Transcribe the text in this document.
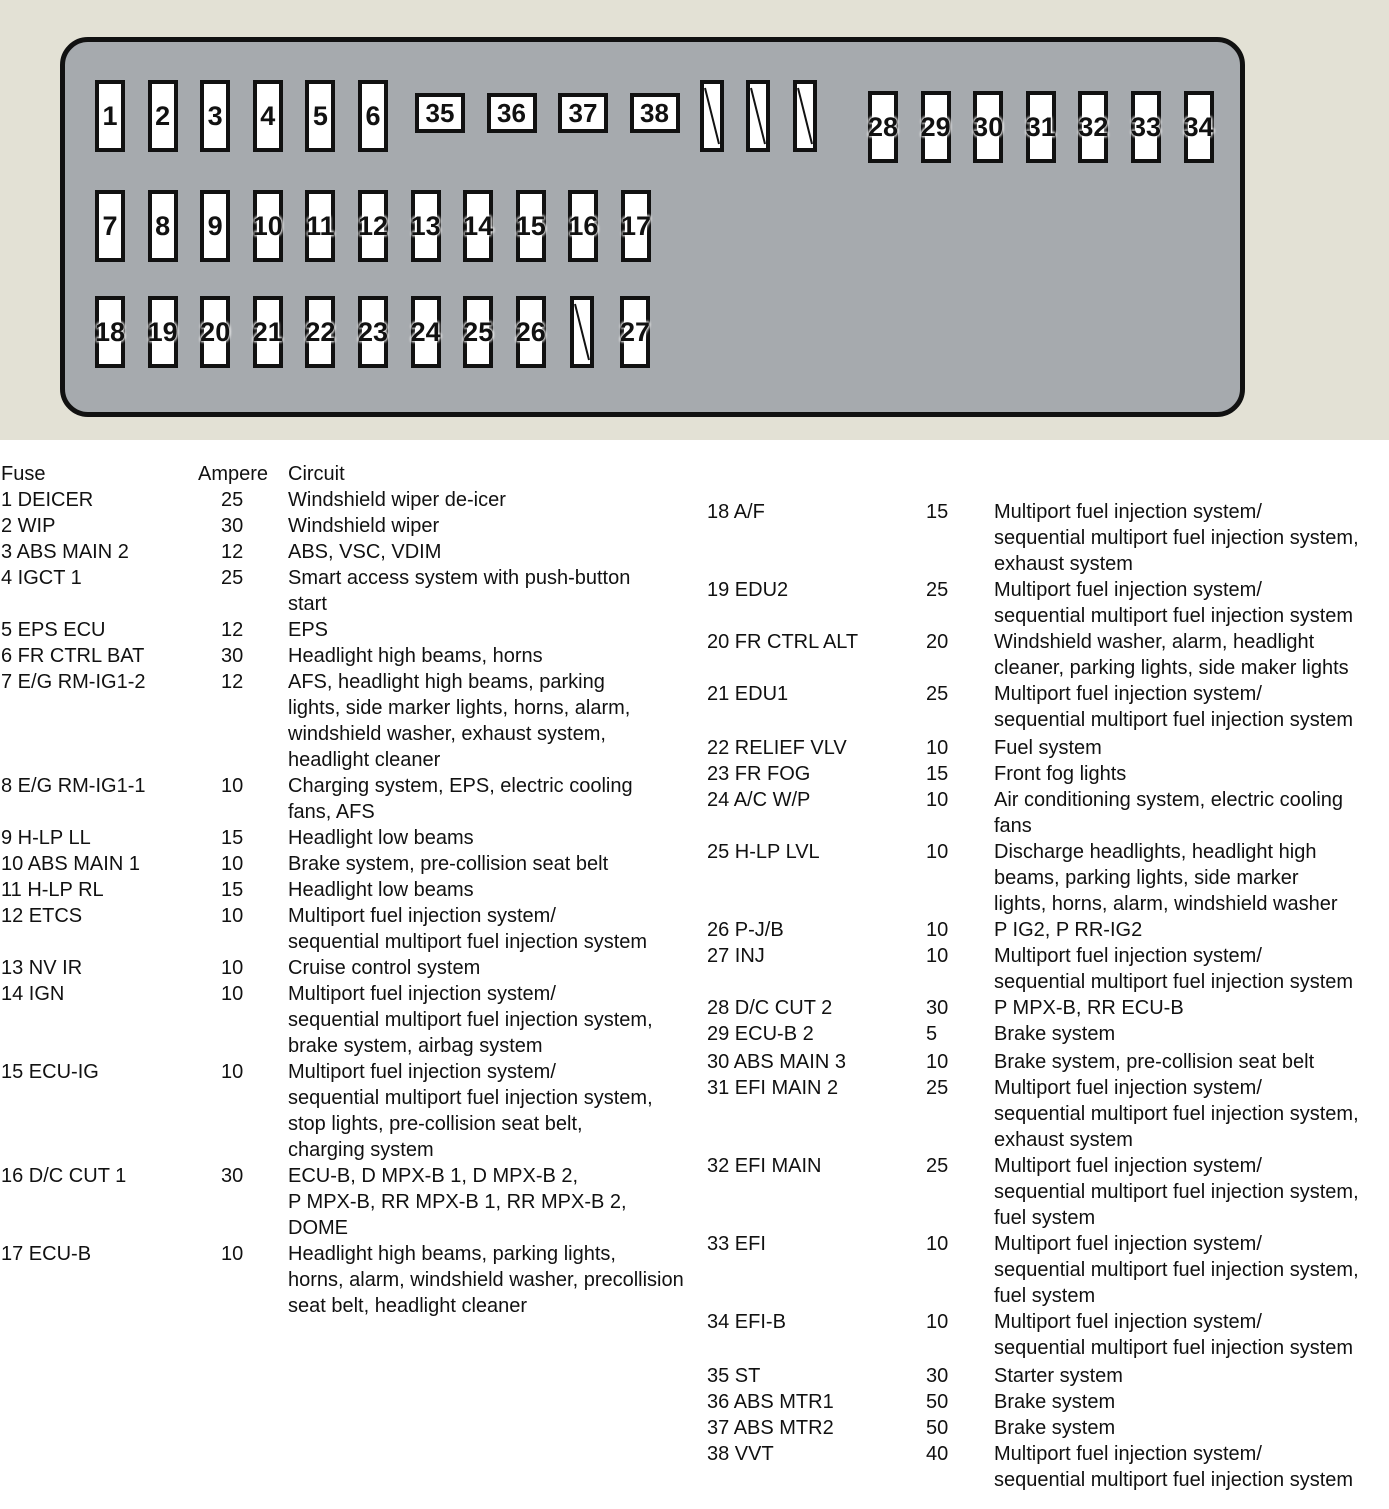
1 2 3 4 5 6 35 36 37 38	28 29 30 31 32 33 34
7 8 9 10 11 12 13 14 15 16 17
18 19 20 21 22 23 24 25 26	27
Fuse	Ampere Circuit
1 DEICER	25 Windshield wiper de-icer
2 WIP	30 Windshield wiper
3 ABS MAIN 2	12 ABS, VSC, VDIM
4 IGCT 1	25 Smart access system with push-button
start
5 EPS ECU	12 EPS
6 FR CTRL BAT	30 Headlight high beams, horns
7 E/G RM-IG1-2	12 AFS, headlight high beams, parking
lights, side marker lights, horns, alarm,
windshield washer, exhaust system,
headlight cleaner
8 E/G RM-IG1-1	10 Charging system, EPS, electric cooling
fans, AFS
9 H-LP LL	15 Headlight low beams
10 ABS MAIN 1	10 Brake system, pre-collision seat belt
11 H-LP RL	15 Headlight low beams
12 ETCS	10 Multiport fuel injection system/
sequential multiport fuel injection system
13 NV IR	10 Cruise control system
14 IGN	10 Multiport fuel injection system/
sequential multiport fuel injection system,
brake system, airbag system
15 ECU-IG	10 Multiport fuel injection system/
sequential multiport fuel injection system,
stop lights, pre-collision seat belt,
charging system
16 D/C CUT 1	30 ECU-B, D MPX-B 1, D MPX-B 2,
P MPX-B, RR MPX-B 1, RR MPX-B 2,
DOME
17 ECU-B	10 Headlight high beams, parking lights,
horns, alarm, windshield washer, precollision
seat belt, headlight cleaner
18 A/F	15 Multiport fuel injection system/
sequential multiport fuel injection system,
exhaust system
19 EDU2	25 Multiport fuel injection system/
sequential multiport fuel injection system
20 FR CTRL ALT	20 Windshield washer, alarm, headlight
cleaner, parking lights, side maker lights
21 EDU1	25 Multiport fuel injection system/
sequential multiport fuel injection system
22 RELIEF VLV	10 Fuel system
23 FR FOG	15 Front fog lights
24 A/C W/P	10 Air conditioning system, electric cooling
fans
25 H-LP LVL	10 Discharge headlights, headlight high
beams, parking lights, side marker
lights, horns, alarm, windshield washer
26 P-J/B	10 P IG2, P RR-IG2
27 INJ	10 Multiport fuel injection system/
sequential multiport fuel injection system
28 D/C CUT 2	30 P MPX-B, RR ECU-B
29 ECU-B 2	5	Brake system
30 ABS MAIN 3	10 Brake system, pre-collision seat belt
31 EFI MAIN 2	25 Multiport fuel injection system/
sequential multiport fuel injection system,
exhaust system
32 EFI MAIN	25 Multiport fuel injection system/
sequential multiport fuel injection system,
fuel system
33 EFI	10 Multiport fuel injection system/
sequential multiport fuel injection system,
fuel system
34 EFI-B	10 Multiport fuel injection system/
sequential multiport fuel injection system
35 ST	30 Starter system
36 ABS MTR1	50 Brake system
37 ABS MTR2	50 Brake system
38 VVT	40 Multiport fuel injection system/
sequential multiport fuel injection system
